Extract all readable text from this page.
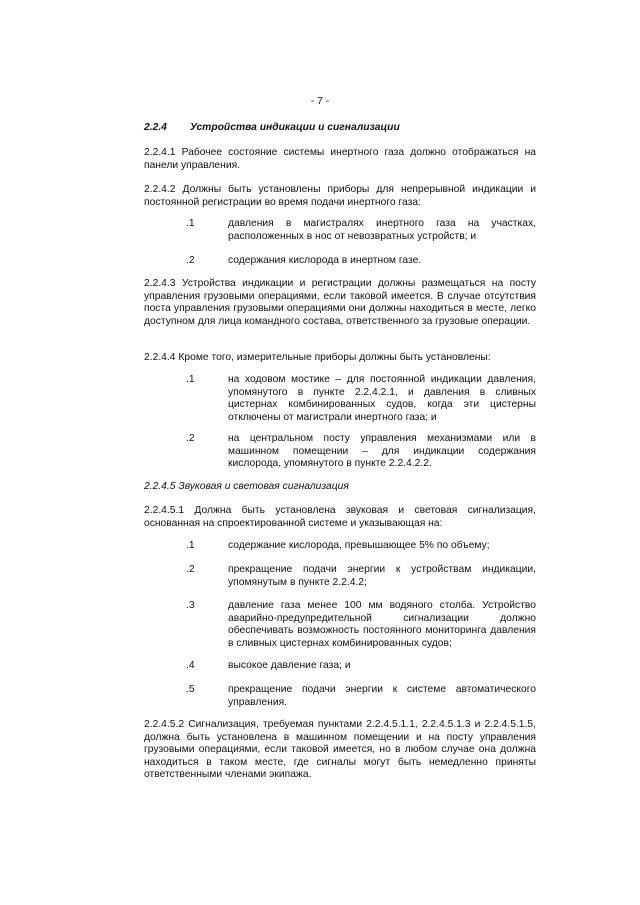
- 7 -
2.2.4 Устройства индикации и сигнализации
2.2.4.1 Рабочее состояние системы инертного газа должно отображаться на панели управления.
2.2.4.2 Должны быть установлены приборы для непрерывной индикации и постоянной регистрации во время подачи инертного газа:
.1	давления в магистралях инертного газа на участках, расположенных в нос от невозвратных устройств; и
.2	содержания кислорода в инертном газе.
2.2.4.3 Устройства индикации и регистрации должны размещаться на посту управления грузовыми операциями, если таковой имеется. В случае отсутствия поста управления грузовыми операциями они должны находиться в месте, легко доступном для лица командного состава, ответственного за грузовые операции.
2.2.4.4 Кроме того, измерительные приборы должны быть установлены:
.1	на ходовом мостике – для постоянной индикации давления, упомянутого в пункте 2.2.4.2.1, и давления в сливных цистернах комбинированных судов, когда эти цистерны отключены от магистрали инертного газа; и
.2	на центральном посту управления механизмами или в машинном помещении – для индикации содержания кислорода, упомянутого в пункте 2.2.4.2.2.
2.2.4.5 Звуковая и световая сигнализация
2.2.4.5.1 Должна быть установлена звуковая и световая сигнализация, основанная на спроектированной системе и указывающая на:
.1	содержание кислорода, превышающее 5% по объему;
.2	прекращение подачи энергии к устройствам индикации, упомянутым в пункте 2.2.4.2;
.3	давление газа менее 100 мм водяного столба. Устройство аварийно-предупредительной сигнализации должно обеспечивать возможность постоянного мониторинга давления в сливных цистернах комбинированных судов;
.4	высокое давление газа; и
.5	прекращение подачи энергии к системе автоматического управления.
2.2.4.5.2 Сигнализация, требуемая пунктами 2.2.4.5.1.1, 2.2.4.5.1.3 и 2.2.4.5.1.5, должна быть установлена в машинном помещении и на посту управления грузовыми операциями, если таковой имеется, но в любом случае она должна находиться в таком месте, где сигналы могут быть немедленно приняты ответственными членами экипажа.
